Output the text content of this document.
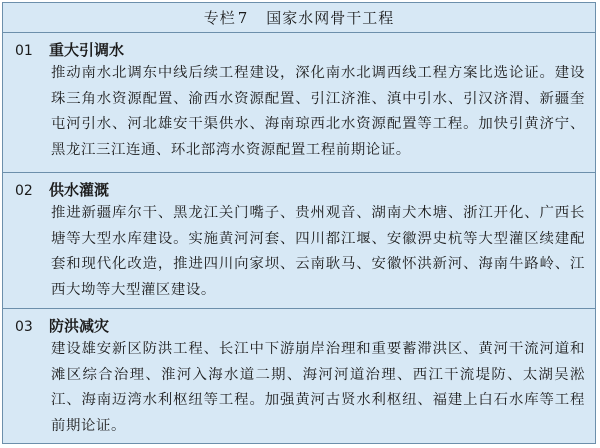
专栏 7 国家水网骨干工程
01 重大引调水
推动南水北调东中线后续工程建设，深化南水北调西线工程方案比选论证。建设珠三角水资源配置、渝西水资源配置、引江济淮、滇中引水、引汉济渭、新疆奎屯河引水、河北雄安干渠供水、海南琼西北水资源配置等工程。加快引黄济宁、黑龙江三江连通、环北部湾水资源配置工程前期论证。
02 供水灌溉
推进新疆库尔干、黑龙江关门嘴子、贵州观音、湖南犬木塘、浙江开化、广西长塘等大型水库建设。实施黄河河套、四川都江堰、安徽淠史杭等大型灌区续建配套和现代化改造，推进四川向家坝、云南耿马、安徽怀洪新河、海南牛路岭、江西大坳等大型灌区建设。
03 防洪减灾
建设雄安新区防洪工程、长江中下游崩岸治理和重要蓄滞洪区、黄河干流河道和滩区综合治理、淮河入海水道二期、海河河道治理、西江干流堤防、太湖吴淞江、海南迈湾水利枢纽等工程。加强黄河古贤水利枢纽、福建上白石水库等工程前期论证。
